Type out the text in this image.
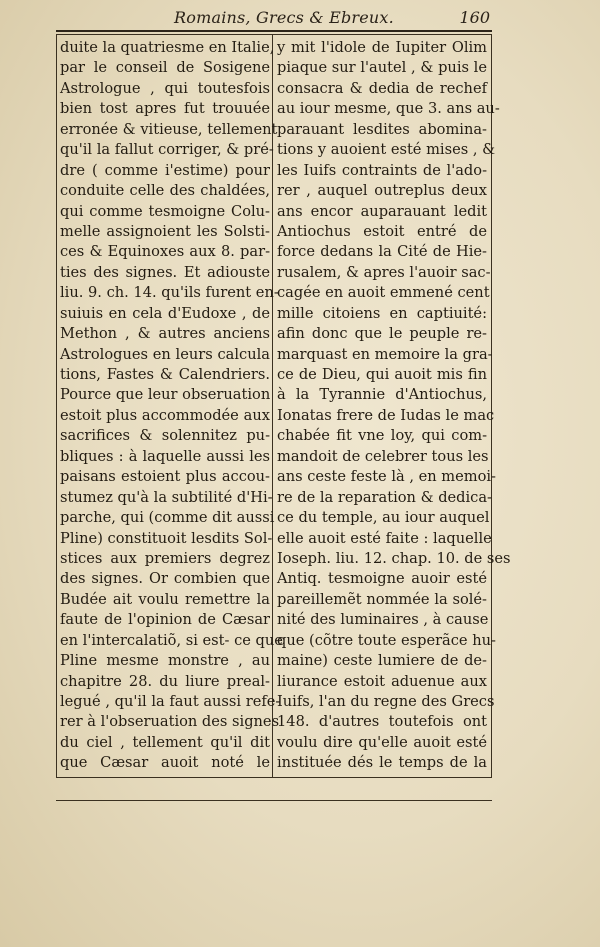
Romains, Grecs & Ebreux.	160
duite la quatriesme en Italie,
par le conseil de Sosigene
Astrologue , qui toutesfois
bien tost apres fut trouuée
erronée & vitieuse, tellement
qu'il la fallut corriger, & pré-
dre ( comme i'estime) pour
conduite celle des chaldées,
qui comme tesmoigne Colu-
melle assignoient les Solsti-
ces & Equinoxes aux 8. par-
ties des signes. Et adiouste
liu. 9. ch. 14. qu'ils furent en-
suiuis en cela d'Eudoxe , de
Methon , & autres anciens
Astrologues en leurs calcula
tions, Fastes & Calendriers.
Pource que leur obseruation
estoit plus accommodée aux
sacrifices & solennitez pu-
bliques : à laquelle aussi les
paisans estoient plus accou-
stumez qu'à la subtilité d'Hi-
parche, qui (comme dit aussi
Pline) constituoit lesdits Sol-
stices aux premiers degrez
des signes. Or combien que
Budée ait voulu remettre la
faute de l'opinion de Cæsar
en l'intercalatiõ, si est- ce que
Pline mesme monstre , au
chapitre 28. du liure preal-
legué , qu'il la faut aussi refe-
rer à l'obseruation des signes
du ciel , tellement qu'il dit
que Cæsar auoit noté le
y mit l'idole de Iupiter Olim
piaque sur l'autel , & puis le
consacra & dedia de rechef
au iour mesme, que 3. ans au-
parauant lesdites abomina-
tions y auoient esté mises , &
les Iuifs contraints de l'ado-
rer , auquel outreplus deux
ans encor auparauant ledit
Antiochus estoit entré de
force dedans la Cité de Hie-
rusalem, & apres l'auoir sac-
cagée en auoit emmené cent
mille citoiens en captiuité:
afin donc que le peuple re-
marquast en memoire la gra-
ce de Dieu, qui auoit mis fin
à la Tyrannie d'Antiochus,
Ionatas frere de Iudas le mac
chabée fit vne loy, qui com-
mandoit de celebrer tous les
ans ceste feste là , en memoi-
re de la reparation & dedica-
ce du temple, au iour auquel
elle auoit esté faite : laquelle
Ioseph. liu. 12. chap. 10. de ses
Antiq. tesmoigne auoir esté
pareillemẽt nommée la solé-
nité des luminaires , à cause
que (cõtre toute esperãce hu-
maine) ceste lumiere de de-
liurance estoit aduenue aux
Iuifs, l'an du regne des Grecs
148. d'autres toutefois ont
voulu dire qu'elle auoit esté
instituée dés le temps de la
